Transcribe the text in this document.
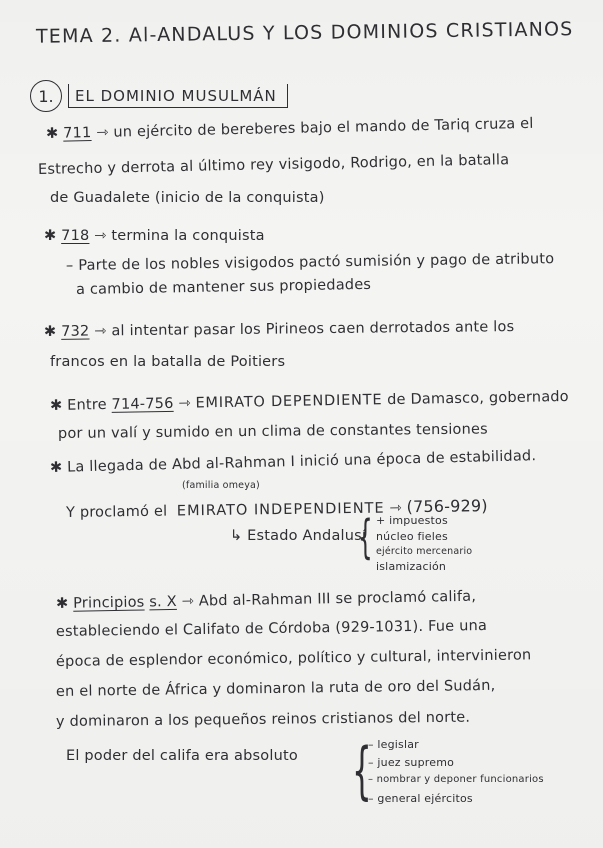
TEMA 2. Al-ANDALUS Y LOS DOMINIOS CRISTIANOS
1.	EL DOMINIO MUSULMÁN
✱ 711 ⇾ un ejército de bereberes bajo el mando de Tariq cruza el
Estrecho y derrota al último rey visigodo, Rodrigo, en la batalla
de Guadalete (inicio de la conquista)
✱ 718 ⇾ termina la conquista
– Parte de los nobles visigodos pactó sumisión y pago de atributo
a cambio de mantener sus propiedades
✱ 732 ⇾ al intentar pasar los Pirineos caen derrotados ante los
francos en la batalla de Poitiers
✱ Entre 714-756 ⇾ EMIRATO DEPENDIENTE de Damasco, gobernado
por un valí y sumido en un clima de constantes tensiones
✱ La llegada de Abd al-Rahman I inició una época de estabilidad.
(familia omeya)
Y proclamó el EMIRATO INDEPENDIENTE ⇾ (756-929)
↳ Estado Andalusí
{ + impuestos
núcleo fieles
ejército mercenario
islamización
✱ Principios s. X ⇾ Abd al-Rahman III se proclamó califa,
estableciendo el Califato de Córdoba (929-1031). Fue una
época de esplendor económico, político y cultural, intervinieron
en el norte de África y dominaron la ruta de oro del Sudán,
y dominaron a los pequeños reinos cristianos del norte.
El poder del califa era absoluto {
– legislar
– juez supremo
– nombrar y deponer funcionarios
– general ejércitos
